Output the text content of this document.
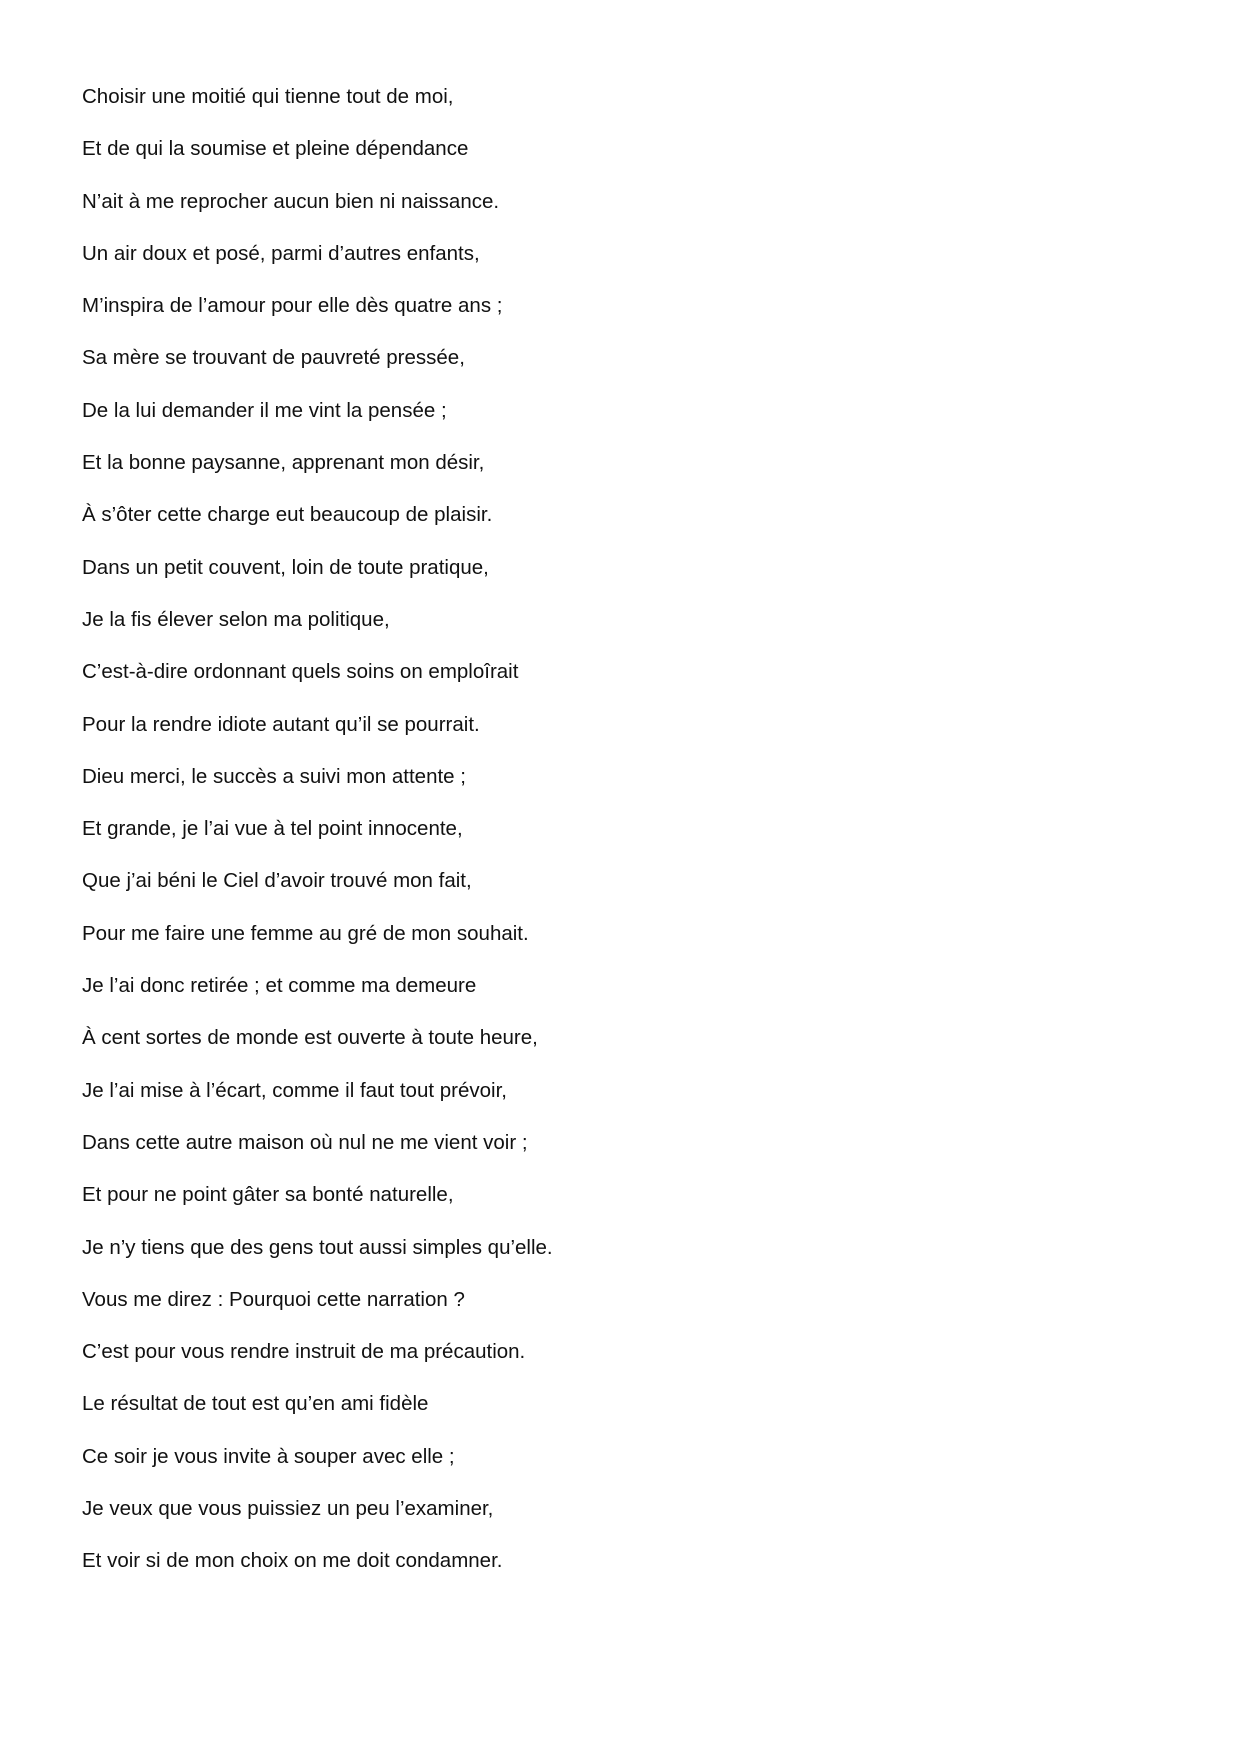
Choisir une moitié qui tienne tout de moi,

Et de qui la soumise et pleine dépendance

N’ait à me reprocher aucun bien ni naissance.

Un air doux et posé, parmi d’autres enfants,

M’inspira de l’amour pour elle dès quatre ans ;

Sa mère se trouvant de pauvreté pressée,

De la lui demander il me vint la pensée ;

Et la bonne paysanne, apprenant mon désir,

À s’ôter cette charge eut beaucoup de plaisir.

Dans un petit couvent, loin de toute pratique,

Je la fis élever selon ma politique,

C’est-à-dire ordonnant quels soins on emploîrait

Pour la rendre idiote autant qu’il se pourrait.

Dieu merci, le succès a suivi mon attente ;

Et grande, je l’ai vue à tel point innocente,

Que j’ai béni le Ciel d’avoir trouvé mon fait,

Pour me faire une femme au gré de mon souhait.

Je l’ai donc retirée ; et comme ma demeure

À cent sortes de monde est ouverte à toute heure,

Je l’ai mise à l’écart, comme il faut tout prévoir,

Dans cette autre maison où nul ne me vient voir ;

Et pour ne point gâter sa bonté naturelle,

Je n’y tiens que des gens tout aussi simples qu’elle.

Vous me direz : Pourquoi cette narration ?

C’est pour vous rendre instruit de ma précaution.

Le résultat de tout est qu’en ami fidèle

Ce soir je vous invite à souper avec elle ;

Je veux que vous puissiez un peu l’examiner,

Et voir si de mon choix on me doit condamner.
